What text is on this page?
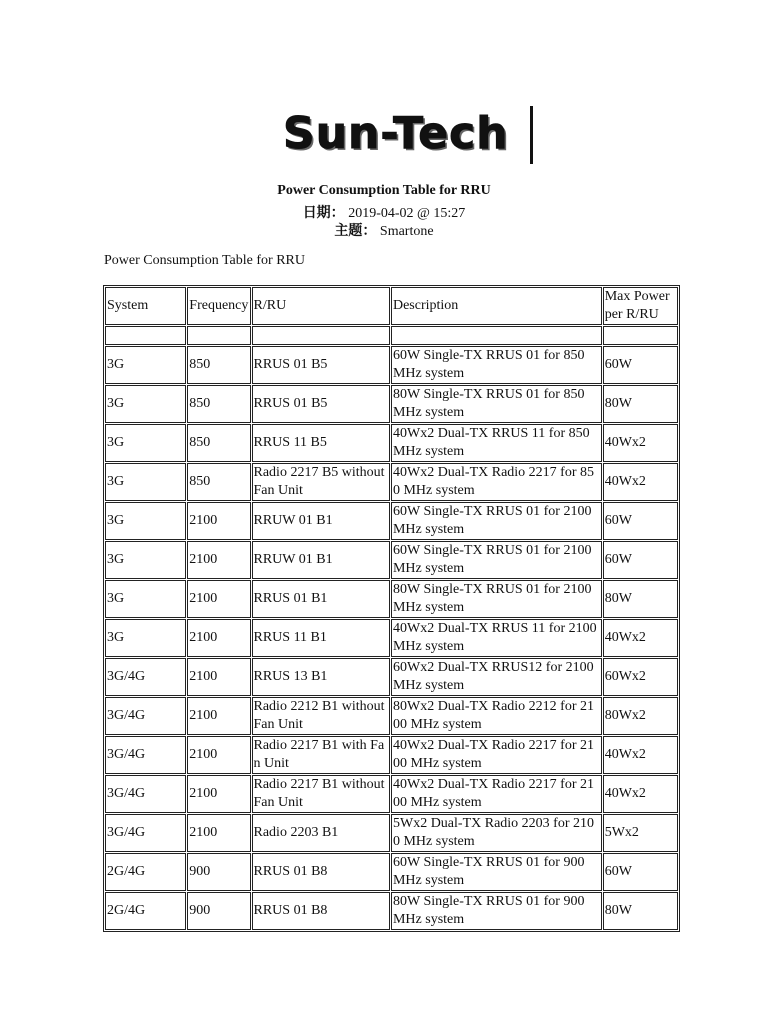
Sun-Tech
Power Consumption Table for RRU
日期： 2019-04-02 @ 15:27
主题： Smartone
Power Consumption Table for RRU
System	Frequency	R/RU	Description	Max Power per R/RU

3G	850	RRUS 01 B5	60W Single-TX RRUS 01 for 850 MHz system	60W
3G	850	RRUS 01 B5	80W Single-TX RRUS 01 for 850 MHz system	80W
3G	850	RRUS 11 B5	40Wx2 Dual-TX RRUS 11 for 850 MHz system	40Wx2
3G	850	Radio 2217 B5 without Fan Unit	40Wx2 Dual-TX Radio 2217 for 850 MHz system	40Wx2
3G	2100	RRUW 01 B1	60W Single-TX RRUS 01 for 2100 MHz system	60W
3G	2100	RRUW 01 B1	60W Single-TX RRUS 01 for 2100 MHz system	60W
3G	2100	RRUS 01 B1	80W Single-TX RRUS 01 for 2100 MHz system	80W
3G	2100	RRUS 11 B1	40Wx2 Dual-TX RRUS 11 for 2100 MHz system	40Wx2
3G/4G	2100	RRUS 13 B1	60Wx2 Dual-TX RRUS12 for 2100 MHz system	60Wx2
3G/4G	2100	Radio 2212 B1 without Fan Unit	80Wx2 Dual-TX Radio 2212 for 2100 MHz system	80Wx2
3G/4G	2100	Radio 2217 B1 with Fan Unit	40Wx2 Dual-TX Radio 2217 for 2100 MHz system	40Wx2
3G/4G	2100	Radio 2217 B1 without Fan Unit	40Wx2 Dual-TX Radio 2217 for 2100 MHz system	40Wx2
3G/4G	2100	Radio 2203 B1	5Wx2 Dual-TX Radio 2203 for 2100 MHz system	5Wx2
2G/4G	900	RRUS 01 B8	60W Single-TX RRUS 01 for 900 MHz system	60W
2G/4G	900	RRUS 01 B8	80W Single-TX RRUS 01 for 900 MHz system	80W
